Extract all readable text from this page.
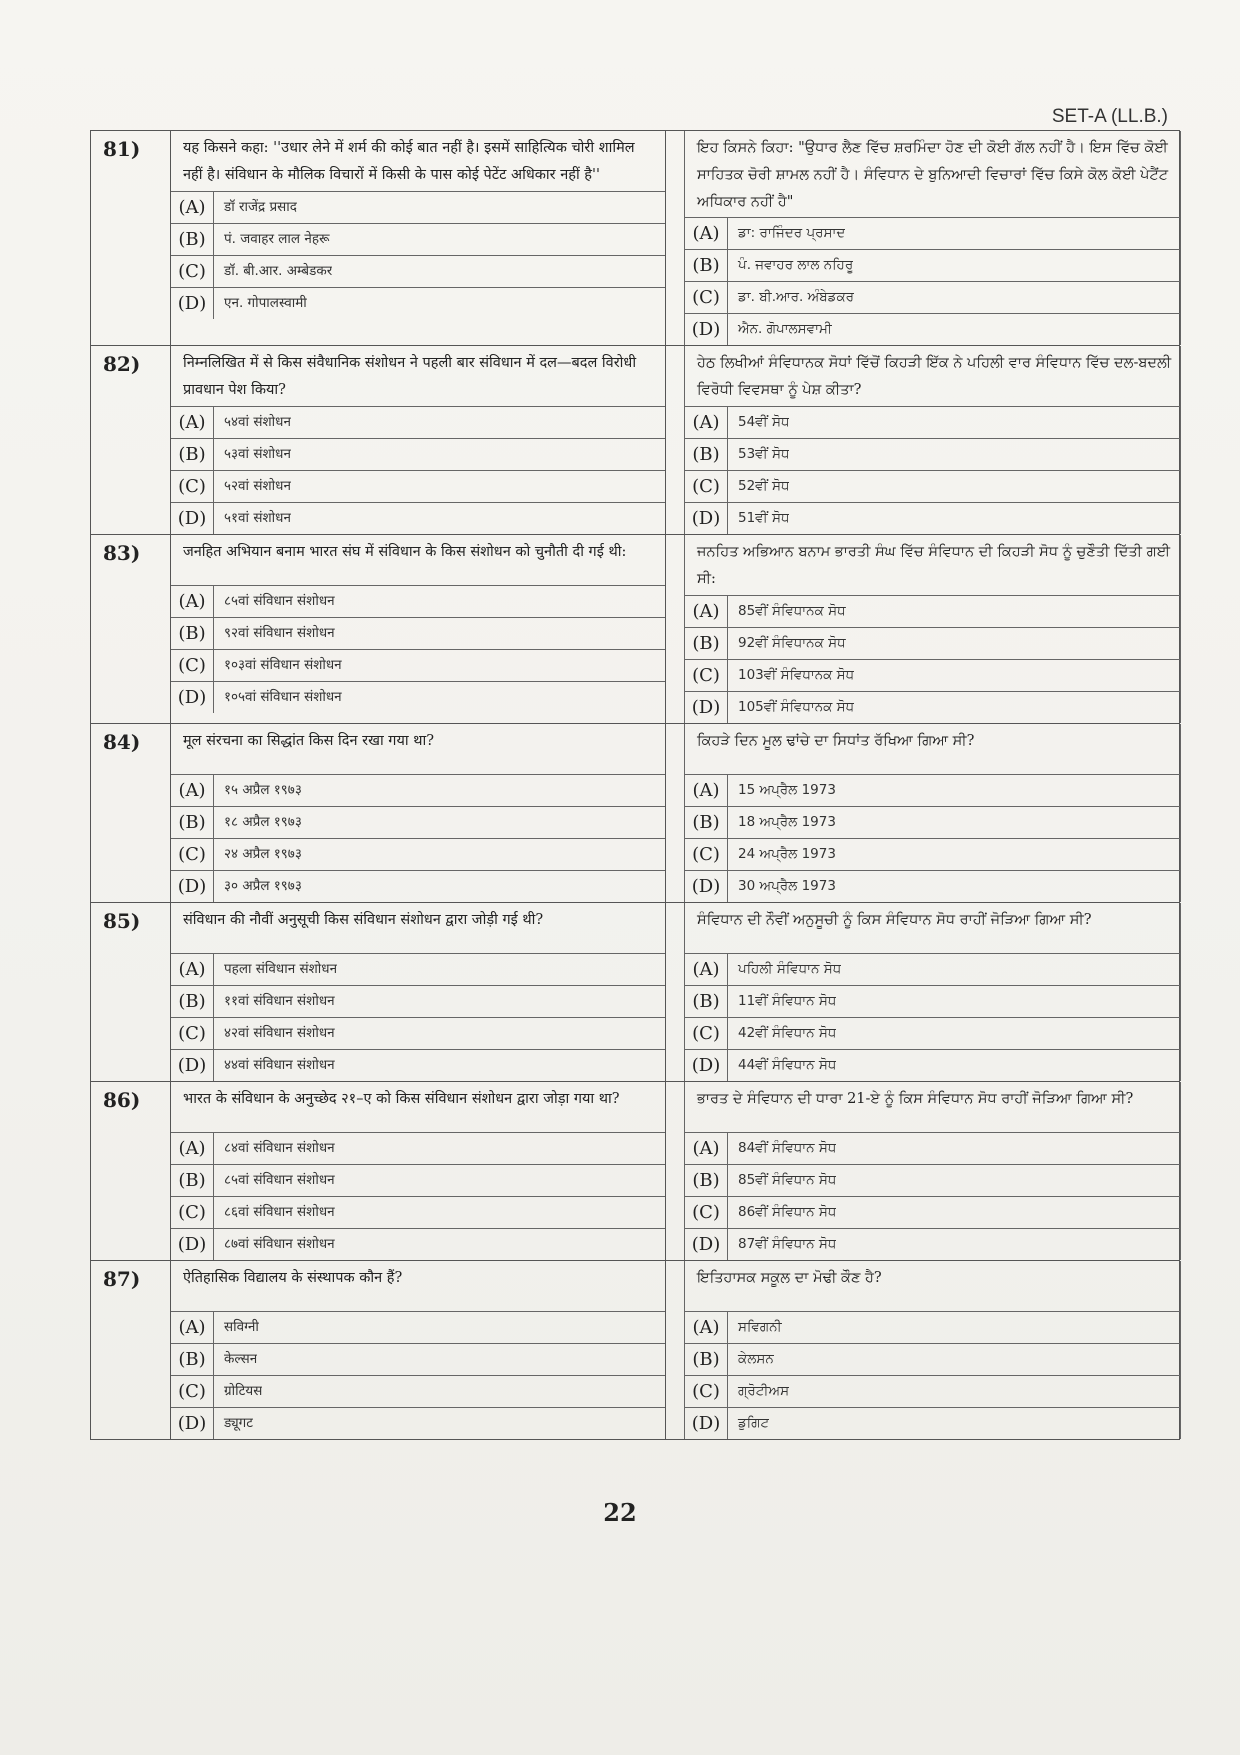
SET-A (LL.B.)
81)	यह किसने कहा: ''उधार लेने में शर्म की कोई बात नहीं है। इसमें साहित्यिक चोरी शामिल नहीं है। संविधान के मौलिक विचारों में किसी के पास कोई पेटेंट अधिकार नहीं है''
(A)	डॉ राजेंद्र प्रसाद
(B)	पं. जवाहर लाल नेहरू
(C)	डॉ. बी.आर. अम्बेडकर
(D)	एन. गोपालस्वामी
ਇਹ ਕਿਸਨੇ ਕਿਹਾ: "ਉਧਾਰ ਲੈਣ ਵਿੱਚ ਸ਼ਰਮਿੰਦਾ ਹੋਣ ਦੀ ਕੋਈ ਗੱਲ ਨਹੀਂ ਹੈ। ਇਸ ਵਿੱਚ ਕੋਈ ਸਾਹਿਤਕ ਚੋਰੀ ਸ਼ਾਮਲ ਨਹੀਂ ਹੈ। ਸੰਵਿਧਾਨ ਦੇ ਬੁਨਿਆਦੀ ਵਿਚਾਰਾਂ ਵਿੱਚ ਕਿਸੇ ਕੋਲ ਕੋਈ ਪੇਟੈਂਟ ਅਧਿਕਾਰ ਨਹੀਂ ਹੈ"
(A)	ਡਾ: ਰਾਜਿੰਦਰ ਪ੍ਰਸਾਦ
(B)	ਪੰ. ਜਵਾਹਰ ਲਾਲ ਨਹਿਰੂ
(C)	ਡਾ. ਬੀ.ਆਰ. ਅੰਬੇਡਕਰ
(D)	ਐਨ. ਗੋਪਾਲਸਵਾਮੀ
82)	निम्नलिखित में से किस संवैधानिक संशोधन ने पहली बार संविधान में दल—बदल विरोधी प्रावधान पेश किया?
(A)	५४वां संशोधन
(B)	५३वां संशोधन
(C)	५२वां संशोधन
(D)	५१वां संशोधन
ਹੇਠ ਲਿਖੀਆਂ ਸੰਵਿਧਾਨਕ ਸੋਧਾਂ ਵਿੱਚੋਂ ਕਿਹੜੀ ਇੱਕ ਨੇ ਪਹਿਲੀ ਵਾਰ ਸੰਵਿਧਾਨ ਵਿੱਚ ਦਲ-ਬਦਲੀ ਵਿਰੋਧੀ ਵਿਵਸਥਾ ਨੂੰ ਪੇਸ਼ ਕੀਤਾ?
(A)	54ਵੀਂ ਸੋਧ
(B)	53ਵੀਂ ਸੋਧ
(C)	52ਵੀਂ ਸੋਧ
(D)	51ਵੀਂ ਸੋਧ
83)	जनहित अभियान बनाम भारत संघ में संविधान के किस संशोधन को चुनौती दी गई थी:
(A)	८५वां संविधान संशोधन
(B)	९२वां संविधान संशोधन
(C)	१०३वां संविधान संशोधन
(D)	१०५वां संविधान संशोधन
ਜਨਹਿਤ ਅਭਿਆਨ ਬਨਾਮ ਭਾਰਤੀ ਸੰਘ ਵਿੱਚ ਸੰਵਿਧਾਨ ਦੀ ਕਿਹੜੀ ਸੋਧ ਨੂੰ ਚੁਣੌਤੀ ਦਿੱਤੀ ਗਈ ਸੀ:
(A)	85ਵੀਂ ਸੰਵਿਧਾਨਕ ਸੋਧ
(B)	92ਵੀਂ ਸੰਵਿਧਾਨਕ ਸੋਧ
(C)	103ਵੀਂ ਸੰਵਿਧਾਨਕ ਸੋਧ
(D)	105ਵੀਂ ਸੰਵਿਧਾਨਕ ਸੋਧ
84)	मूल संरचना का सिद्धांत किस दिन रखा गया था?
(A)	१५ अप्रैल १९७३
(B)	१८ अप्रैल १९७३
(C)	२४ अप्रैल १९७३
(D)	३० अप्रैल १९७३
ਕਿਹੜੇ ਦਿਨ ਮੂਲ ਢਾਂਚੇ ਦਾ ਸਿਧਾਂਤ ਰੱਖਿਆ ਗਿਆ ਸੀ?
(A)	15 ਅਪ੍ਰੈਲ 1973
(B)	18 ਅਪ੍ਰੈਲ 1973
(C)	24 ਅਪ੍ਰੈਲ 1973
(D)	30 ਅਪ੍ਰੈਲ 1973
85)	संविधान की नौवीं अनुसूची किस संविधान संशोधन द्वारा जोड़ी गई थी?
(A)	पहला संविधान संशोधन
(B)	११वां संविधान संशोधन
(C)	४२वां संविधान संशोधन
(D)	४४वां संविधान संशोधन
ਸੰਵਿਧਾਨ ਦੀ ਨੌਵੀਂ ਅਨੁਸੂਚੀ ਨੂੰ ਕਿਸ ਸੰਵਿਧਾਨ ਸੋਧ ਰਾਹੀਂ ਜੋੜਿਆ ਗਿਆ ਸੀ?
(A)	ਪਹਿਲੀ ਸੰਵਿਧਾਨ ਸੋਧ
(B)	11ਵੀਂ ਸੰਵਿਧਾਨ ਸੋਧ
(C)	42ਵੀਂ ਸੰਵਿਧਾਨ ਸੋਧ
(D)	44ਵੀਂ ਸੰਵਿਧਾਨ ਸੋਧ
86)	भारत के संविधान के अनुच्छेद २१–ए को किस संविधान संशोधन द्वारा जोड़ा गया था?
(A)	८४वां संविधान संशोधन
(B)	८५वां संविधान संशोधन
(C)	८६वां संविधान संशोधन
(D)	८७वां संविधान संशोधन
ਭਾਰਤ ਦੇ ਸੰਵਿਧਾਨ ਦੀ ਧਾਰਾ 21-ਏ ਨੂੰ ਕਿਸ ਸੰਵਿਧਾਨ ਸੋਧ ਰਾਹੀਂ ਜੋੜਿਆ ਗਿਆ ਸੀ?
(A)	84ਵੀਂ ਸੰਵਿਧਾਨ ਸੋਧ
(B)	85ਵੀਂ ਸੰਵਿਧਾਨ ਸੋਧ
(C)	86ਵੀਂ ਸੰਵਿਧਾਨ ਸੋਧ
(D)	87ਵੀਂ ਸੰਵਿਧਾਨ ਸੋਧ
87)	ऐतिहासिक विद्यालय के संस्थापक कौन हैं?
(A)	सविग्नी
(B)	केल्सन
(C)	ग्रोटियस
(D)	ड्यूगट
ਇਤਿਹਾਸਕ ਸਕੂਲ ਦਾ ਮੋਢੀ ਕੌਣ ਹੈ?
(A)	ਸਵਿਗਨੀ
(B)	ਕੇਲਸਨ
(C)	ਗ੍ਰੋਟੀਅਸ
(D)	ਡੁਗਿਟ
22
